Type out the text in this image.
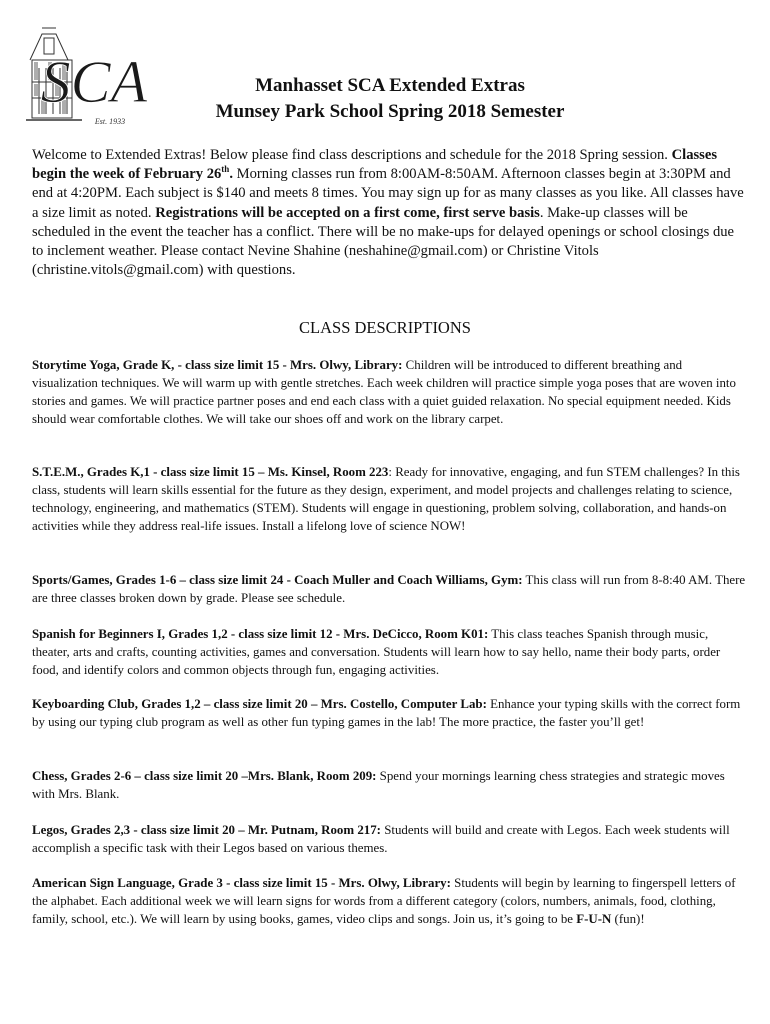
SCA
Est. 1933
Manhasset SCA Extended Extras
Munsey Park School Spring 2018 Semester

Welcome to Extended Extras! Below please find class descriptions and schedule for the 2018 Spring session. Classes begin the week of February 26th. Morning classes run from 8:00AM-8:50AM. Afternoon classes begin at 3:30PM and end at 4:20PM. Each subject is $140 and meets 8 times. You may sign up for as many classes as you like. All classes have a size limit as noted. Registrations will be accepted on a first come, first serve basis. Make-up classes will be scheduled in the event the teacher has a conflict. There will be no make-ups for delayed openings or school closings due to inclement weather. Please contact Nevine Shahine (neshahine@gmail.com) or Christine Vitols (christine.vitols@gmail.com) with questions.

CLASS DESCRIPTIONS

Storytime Yoga, Grade K, - class size limit 15 - Mrs. Olwy, Library: Children will be introduced to different breathing and visualization techniques. We will warm up with gentle stretches. Each week children will practice simple yoga poses that are woven into stories and games. We will practice partner poses and end each class with a quiet guided relaxation. No special equipment needed. Kids should wear comfortable clothes. We will take our shoes off and work on the library carpet.

S.T.E.M., Grades K,1 - class size limit 15 – Ms. Kinsel, Room 223: Ready for innovative, engaging, and fun STEM challenges? In this class, students will learn skills essential for the future as they design, experiment, and model projects and challenges relating to science, technology, engineering, and mathematics (STEM). Students will engage in questioning, problem solving, collaboration, and hands-on activities while they address real-life issues. Install a lifelong love of science NOW!

Sports/Games, Grades 1-6 – class size limit 24 - Coach Muller and Coach Williams, Gym: This class will run from 8-8:40 AM. There are three classes broken down by grade. Please see schedule.

Spanish for Beginners I, Grades 1,2 - class size limit 12 - Mrs. DeCicco, Room K01: This class teaches Spanish through music, theater, arts and crafts, counting activities, games and conversation. Students will learn how to say hello, name their body parts, order food, and identify colors and common objects through fun, engaging activities.

Keyboarding Club, Grades 1,2 – class size limit 20 – Mrs. Costello, Computer Lab: Enhance your typing skills with the correct form by using our typing club program as well as other fun typing games in the lab! The more practice, the faster you’ll get!

Chess, Grades 2-6 – class size limit 20 –Mrs. Blank, Room 209: Spend your mornings learning chess strategies and strategic moves with Mrs. Blank.

Legos, Grades 2,3 - class size limit 20 – Mr. Putnam, Room 217: Students will build and create with Legos. Each week students will accomplish a specific task with their Legos based on various themes.

American Sign Language, Grade 3 - class size limit 15 - Mrs. Olwy, Library: Students will begin by learning to fingerspell letters of the alphabet. Each additional week we will learn signs for words from a different category (colors, numbers, animals, food, clothing, family, school, etc.). We will learn by using books, games, video clips and songs. Join us, it’s going to be F-U-N (fun)!
